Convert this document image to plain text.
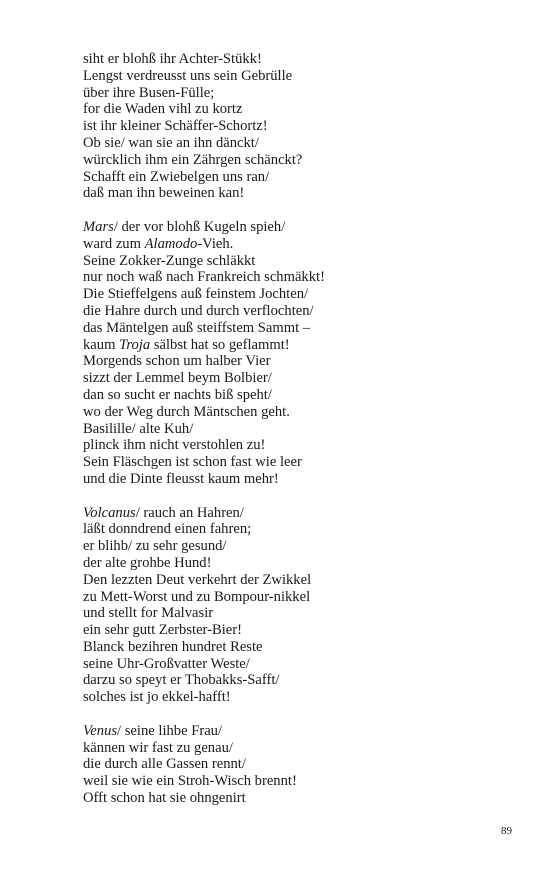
siht er blohß ihr Achter-Stükk!
Lengst verdreusst uns sein Gebrülle
über ihre Busen-Fülle;
for die Waden vihl zu kortz
ist ihr kleiner Schäffer-Schortz!
Ob sie/ wan sie an ihn dänckt/
würcklich ihm ein Zährgen schänckt?
Schafft ein Zwiebelgen uns ran/
daß man ihn beweinen kan!
Mars/ der vor blohß Kugeln spieh/
ward zum Alamodo-Vieh.
Seine Zokker-Zunge schläkkt
nur noch waß nach Frankreich schmäkkt!
Die Stieffelgens auß feinstem Jochten/
die Hahre durch und durch verflochten/
das Mäntelgen auß steiffstem Sammt –
kaum Troja sälbst hat so geflammt!
Morgends schon um halber Vier
sizzt der Lemmel beym Bolbier/
dan so sucht er nachts biß speht/
wo der Weg durch Mäntschen geht.
Basilille/ alte Kuh/
plinck ihm nicht verstohlen zu!
Sein Fläschgen ist schon fast wie leer
und die Dinte fleusst kaum mehr!
Volcanus/ rauch an Hahren/
läßt donndrend einen fahren;
er blihb/ zu sehr gesund/
der alte grohbe Hund!
Den lezzten Deut verkehrt der Zwikkel
zu Mett-Worst und zu Bompour-nikkel
und stellt for Malvasir
ein sehr gutt Zerbster-Bier!
Blanck bezihren hundret Reste
seine Uhr-Großvatter Weste/
darzu so speyt er Thobakks-Safft/
solches ist jo ekkel-hafft!
Venus/ seine lihbe Frau/
kännen wir fast zu genau/
die durch alle Gassen rennt/
weil sie wie ein Stroh-Wisch brennt!
Offt schon hat sie ohngenirt
89
